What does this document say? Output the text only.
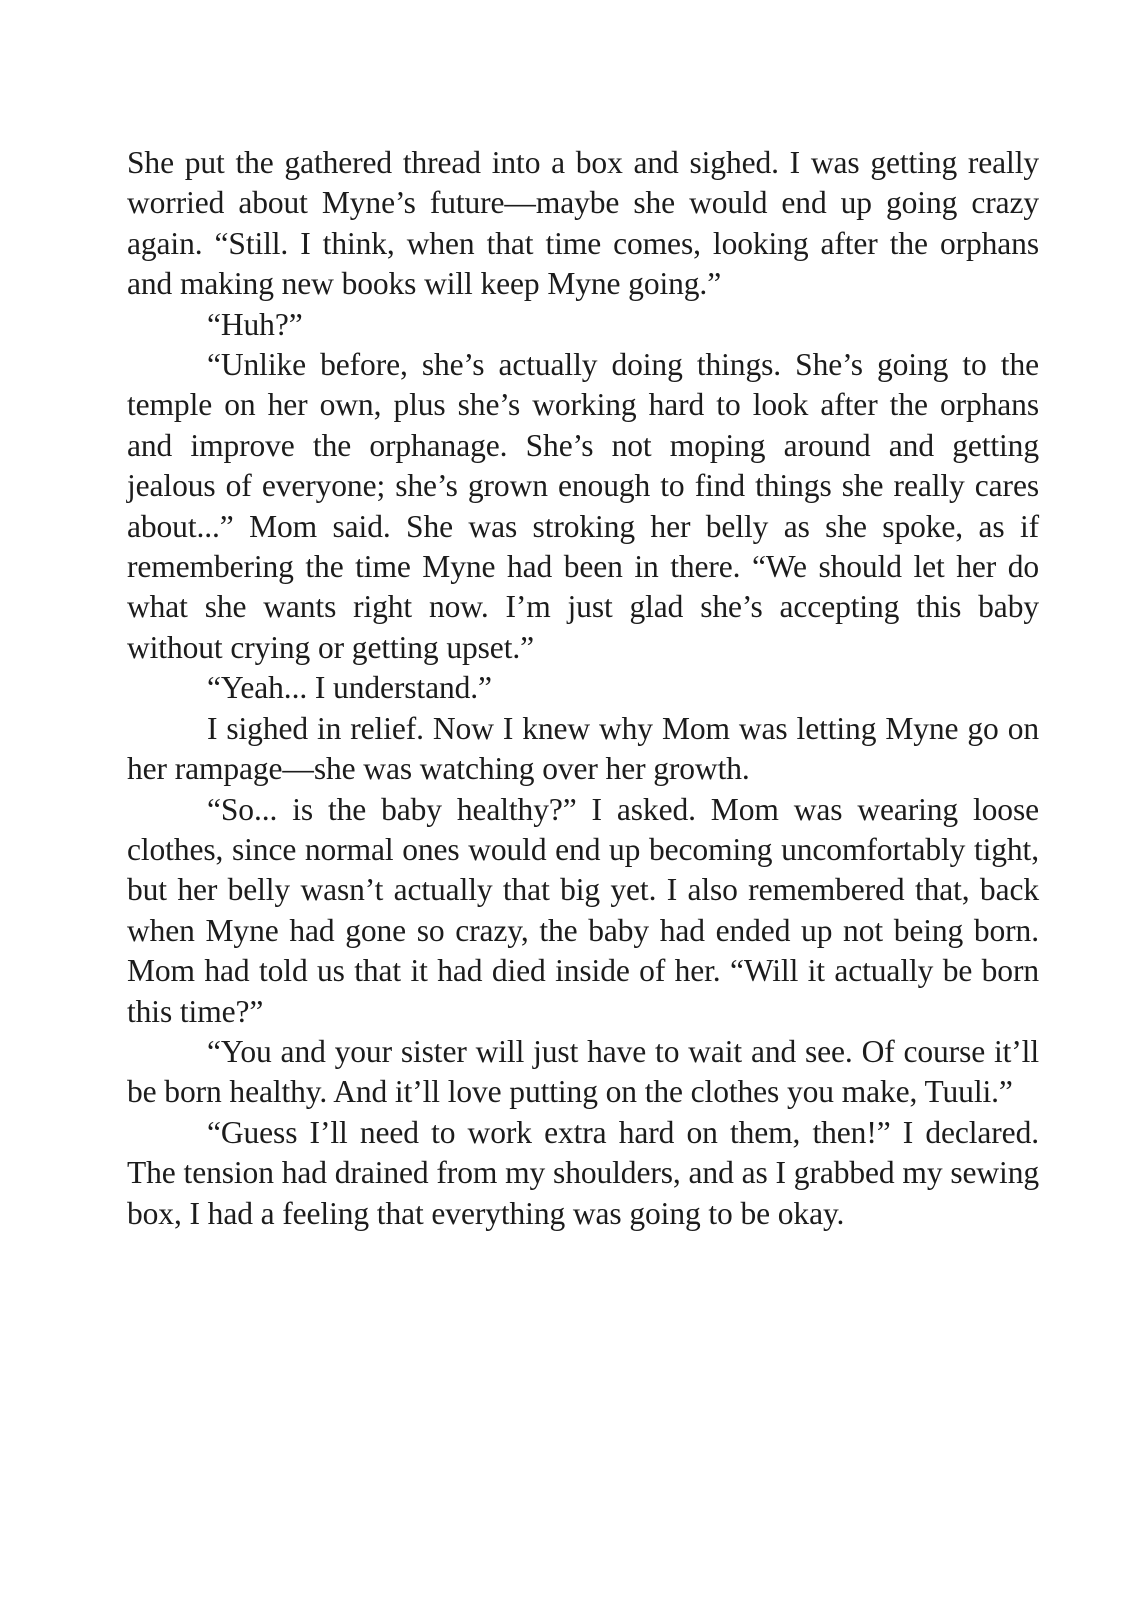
She put the gathered thread into a box and sighed. I was getting really worried about Myne’s future—maybe she would end up going crazy again. “Still. I think, when that time comes, looking after the orphans and making new books will keep Myne going.”

“Huh?”

“Unlike before, she’s actually doing things. She’s going to the temple on her own, plus she’s working hard to look after the orphans and improve the orphanage. She’s not moping around and getting jealous of everyone; she’s grown enough to find things she really cares about...” Mom said. She was stroking her belly as she spoke, as if remembering the time Myne had been in there. “We should let her do what she wants right now. I’m just glad she’s accepting this baby without crying or getting upset.”

“Yeah... I understand.”

I sighed in relief. Now I knew why Mom was letting Myne go on her rampage—she was watching over her growth.

“So... is the baby healthy?” I asked. Mom was wearing loose clothes, since normal ones would end up becoming uncomfortably tight, but her belly wasn’t actually that big yet. I also remembered that, back when Myne had gone so crazy, the baby had ended up not being born. Mom had told us that it had died inside of her. “Will it actually be born this time?”

“You and your sister will just have to wait and see. Of course it’ll be born healthy. And it’ll love putting on the clothes you make, Tuuli.”

“Guess I’ll need to work extra hard on them, then!” I declared. The tension had drained from my shoulders, and as I grabbed my sewing box, I had a feeling that everything was going to be okay.
